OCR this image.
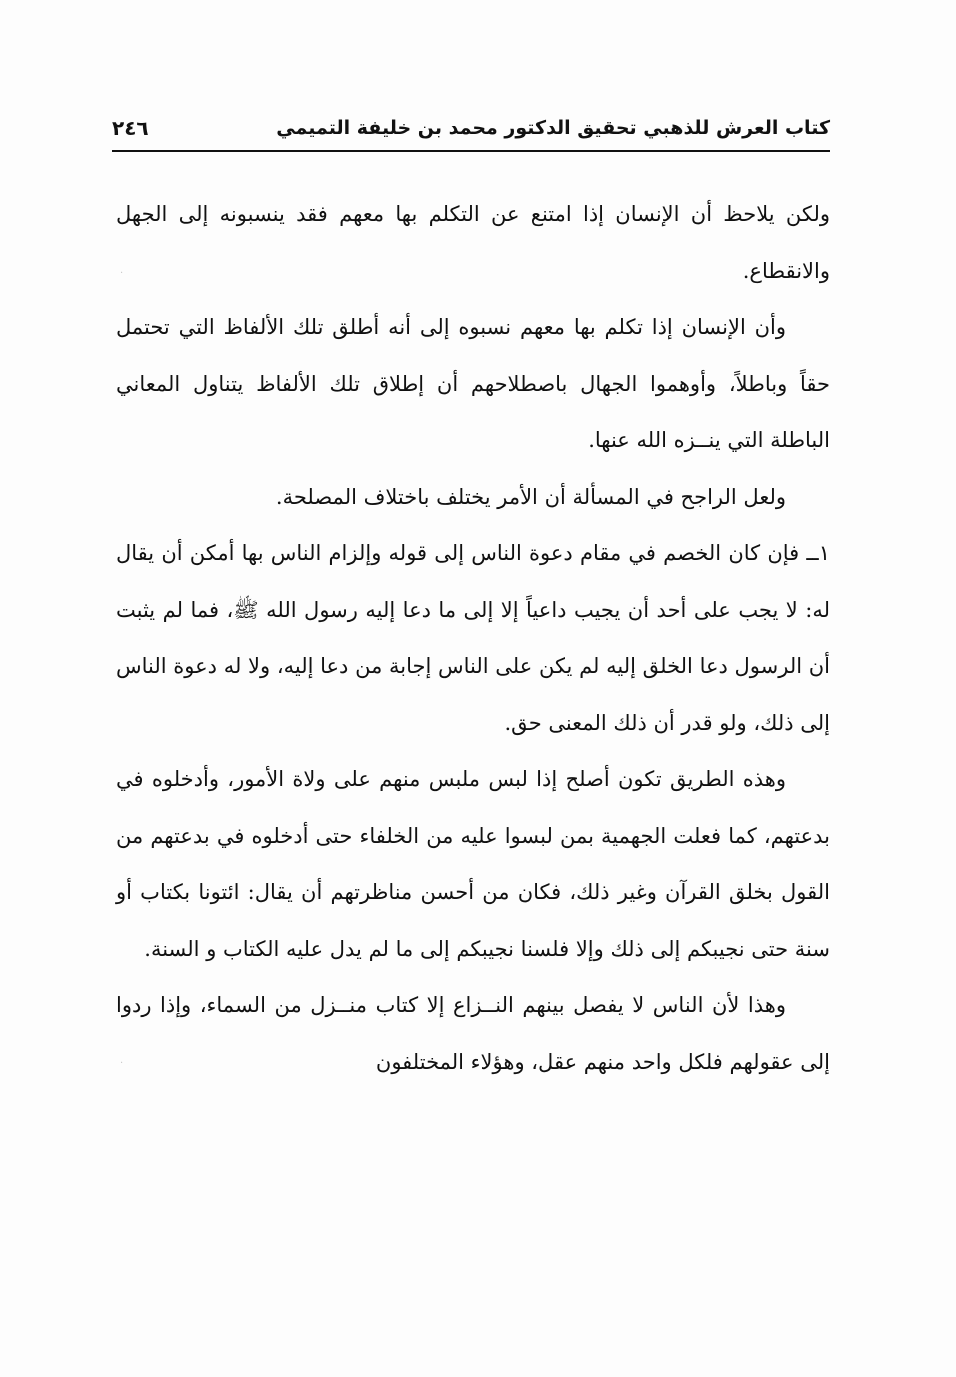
كتاب العرش للذهبي تحقيق الدكتور محمد بن خليفة التميمي
٢٤٦

ولكن يلاحظ أن الإنسان إذا امتنع عن التكلم بها معهم فقد ينسبونه إلى الجهل والانقطاع.

وأن الإنسان إذا تكلم بها معهم نسبوه إلى أنه أطلق تلك الألفاظ التي تحتمل حقاً وباطلاً، وأوهموا الجهال باصطلاحهم أن إطلاق تلك الألفاظ يتناول المعاني الباطلة التي ينــزه الله عنها.

ولعل الراجح في المسألة أن الأمر يختلف باختلاف المصلحة.

١ــ فإن كان الخصم في مقام دعوة الناس إلى قوله وإلزام الناس بها أمكن أن يقال له: لا يجب على أحد أن يجيب داعياً إلا إلى ما دعا إليه رسول الله ﷺ، فما لم يثبت أن الرسول دعا الخلق إليه لم يكن على الناس إجابة من دعا إليه، ولا له دعوة الناس إلى ذلك، ولو قدر أن ذلك المعنى حق.

وهذه الطريق تكون أصلح إذا لبس ملبس منهم على ولاة الأمور، وأدخلوه في بدعتهم، كما فعلت الجهمية بمن لبسوا عليه من الخلفاء حتى أدخلوه في بدعتهم من القول بخلق القرآن وغير ذلك، فكان من أحسن مناظرتهم أن يقال: ائتونا بكتاب أو سنة حتى نجيبكم إلى ذلك وإلا فلسنا نجيبكم إلى ما لم يدل عليه الكتاب و السنة.

وهذا لأن الناس لا يفصل بينهم النــزاع إلا كتاب منــزل من السماء، وإذا ردوا إلى عقولهم فلكل واحد منهم عقل، وهؤلاء المختلفون

·
·
